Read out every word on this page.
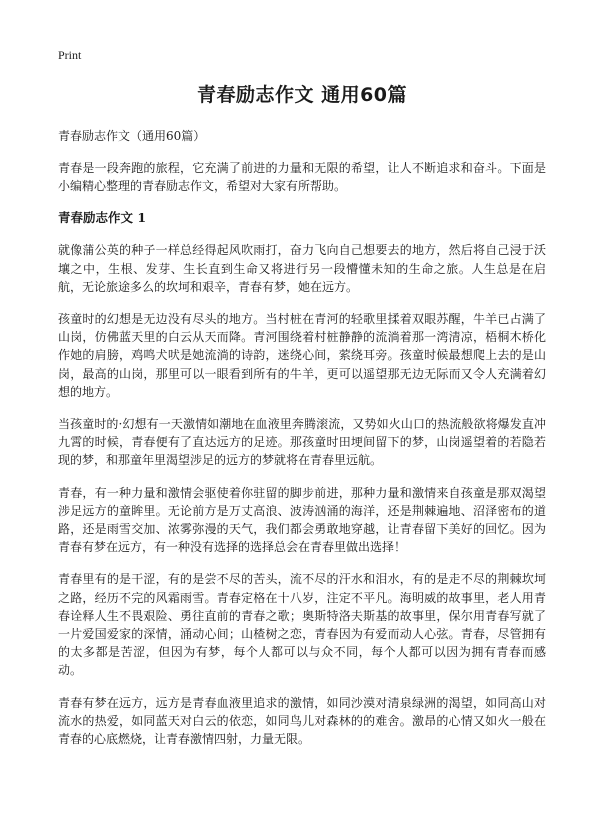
Print
青春励志作文 通用60篇
青春励志作文（通用60篇）

青春是一段奔跑的旅程，它充满了前进的力量和无限的希望，让人不断追求和奋斗。下面是小编精心整理的青春励志作文，希望对大家有所帮助。

青春励志作文 1

就像蒲公英的种子一样总经得起风吹雨打，奋力飞向自己想要去的地方，然后将自己浸于沃壤之中，生根、发芽、生长直到生命又将进行另一段懵懂未知的生命之旅。人生总是在启航，无论旅途多么的坎坷和艰辛，青春有梦，她在远方。

孩童时的幻想是无边没有尽头的地方。当村桩在青河的轻歌里揉着双眼苏醒，牛羊已占满了山岗，仿佛蓝天里的白云从天而降。青河围绕着村桩静静的流淌着那一湾清凉，梧桐木桥化作她的肩膀，鸡鸣犬吠是她流淌的诗韵，迷绕心间，萦绕耳旁。孩童时候最想爬上去的是山岗，最高的山岗，那里可以一眼看到所有的牛羊，更可以遥望那无边无际而又令人充满着幻想的地方。

当孩童时的·幻想有一天激情如潮地在血液里奔腾滚流，又势如火山口的热流般欲将爆发直冲九霄的时候，青春便有了直达远方的足迹。那孩童时田埂间留下的梦，山岗遥望着的若隐若现的梦，和那童年里渴望涉足的远方的梦就将在青春里远航。

青春，有一种力量和激情会驱使着你驻留的脚步前进，那种力量和激情来自孩童是那双渴望涉足远方的童眸里。无论前方是万丈高浪、波涛汹涌的海洋，还是荆棘遍地、沼泽密布的道路，还是雨雪交加、浓雾弥漫的天气，我们都会勇敢地穿越，让青春留下美好的回忆。因为青春有梦在远方，有一种没有选择的选择总会在青春里做出选择！

青春里有的是干涩，有的是尝不尽的苦头，流不尽的汗水和泪水，有的是走不尽的荆棘坎坷之路，经历不完的风霜雨雪。青春定格在十八岁，注定不平凡。海明威的故事里，老人用青春诠释人生不畏艰险、勇往直前的青春之歌；奥斯特洛夫斯基的故事里，保尔用青春写就了一片爱国爱家的深情，涌动心间；山楂树之恋，青春因为有爱而动人心弦。青春，尽管拥有的太多都是苦涩，但因为有梦，每个人都可以与众不同，每个人都可以因为拥有青春而感动。

青春有梦在远方，远方是青春血液里追求的激情，如同沙漠对清泉绿洲的渴望，如同高山对流水的热爱，如同蓝天对白云的依恋，如同鸟儿对森林的的难舍。激昂的心情又如火一般在青春的心底燃烧，让青春激情四射，力量无限。
